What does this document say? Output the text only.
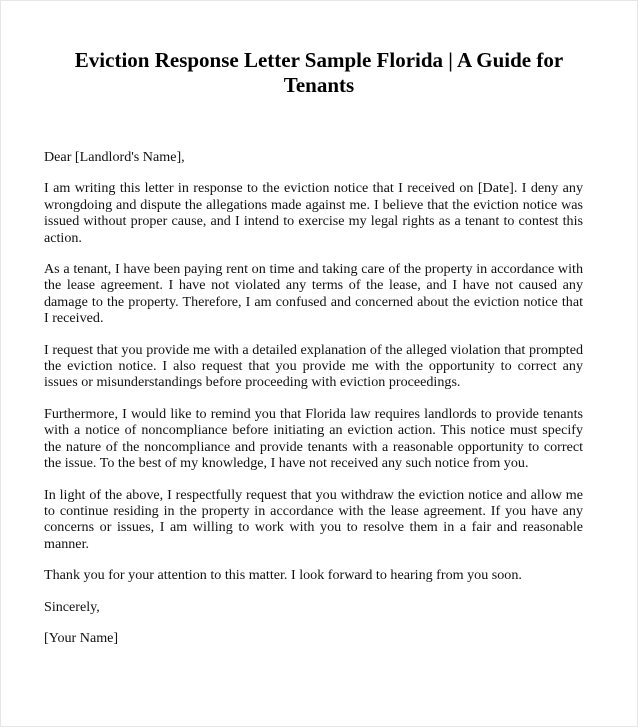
Eviction Response Letter Sample Florida | A Guide for Tenants

Dear [Landlord's Name],

I am writing this letter in response to the eviction notice that I received on [Date]. I deny any wrongdoing and dispute the allegations made against me. I believe that the eviction notice was issued without proper cause, and I intend to exercise my legal rights as a tenant to contest this action.

As a tenant, I have been paying rent on time and taking care of the property in accordance with the lease agreement. I have not violated any terms of the lease, and I have not caused any damage to the property. Therefore, I am confused and concerned about the eviction notice that I received.

I request that you provide me with a detailed explanation of the alleged violation that prompted the eviction notice. I also request that you provide me with the opportunity to correct any issues or misunderstandings before proceeding with eviction proceedings.

Furthermore, I would like to remind you that Florida law requires landlords to provide tenants with a notice of noncompliance before initiating an eviction action. This notice must specify the nature of the noncompliance and provide tenants with a reasonable opportunity to correct the issue. To the best of my knowledge, I have not received any such notice from you.

In light of the above, I respectfully request that you withdraw the eviction notice and allow me to continue residing in the property in accordance with the lease agreement. If you have any concerns or issues, I am willing to work with you to resolve them in a fair and reasonable manner.

Thank you for your attention to this matter. I look forward to hearing from you soon.

Sincerely,

[Your Name]
